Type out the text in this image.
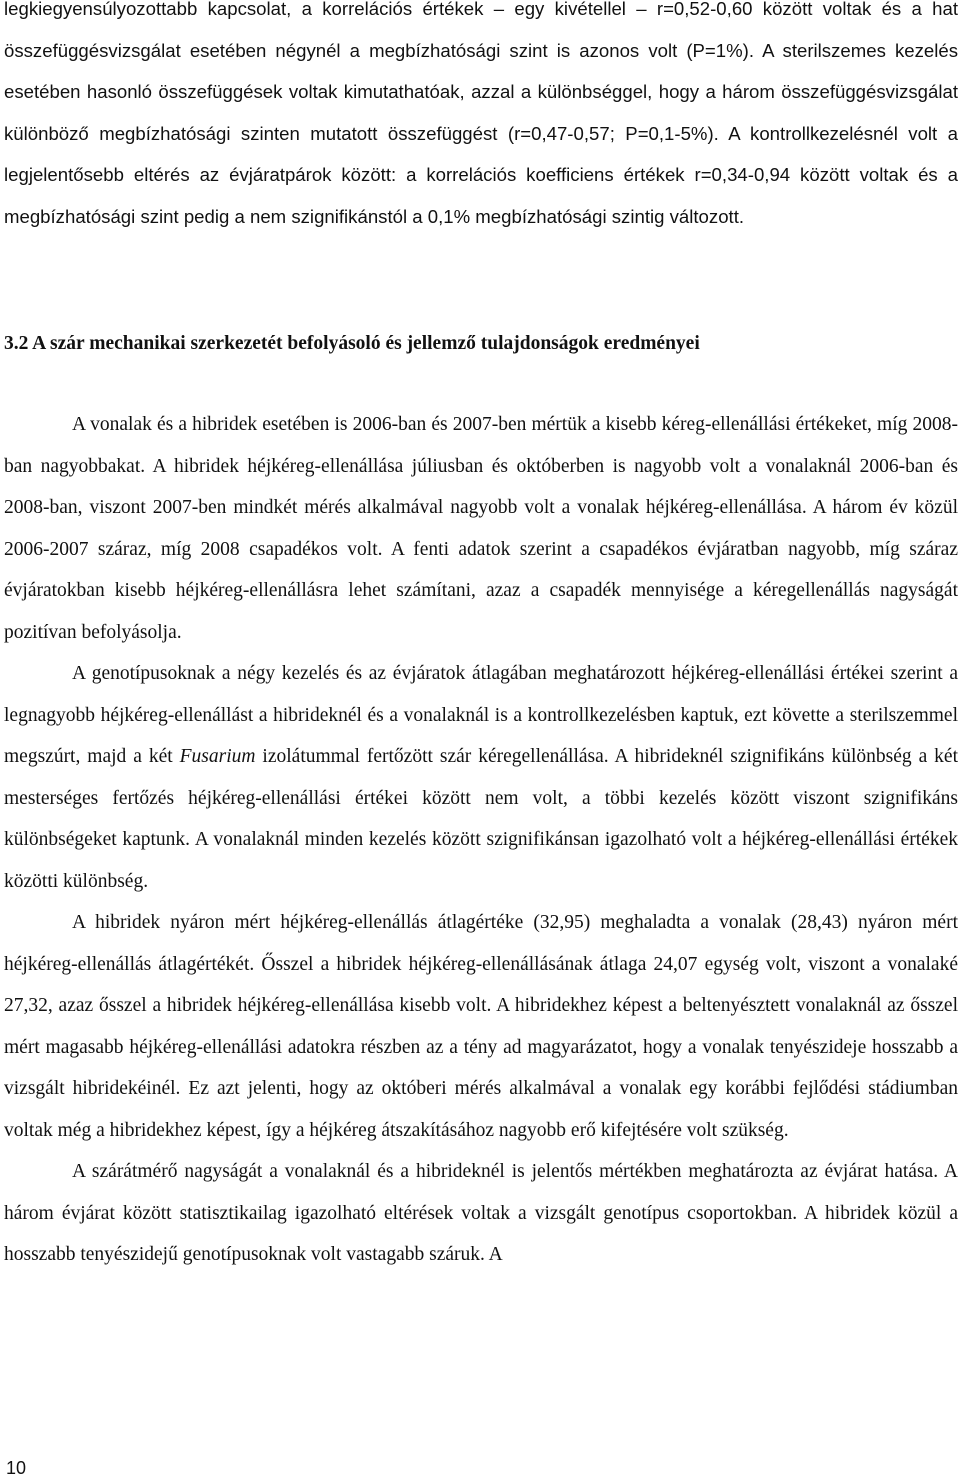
legkiegyensúlyozottabb kapcsolat, a korrelációs értékek – egy kivétellel – r=0,52-0,60 között voltak és a hat összefüggésvizsgálat esetében négynél a megbízhatósági szint is azonos volt (P=1%). A sterilszemes kezelés esetében hasonló összefüggések voltak kimutathatóak, azzal a különbséggel, hogy a három összefüggésvizsgálat különböző megbízhatósági szinten mutatott összefüggést (r=0,47-0,57; P=0,1-5%). A kontrollkezelésnél volt a legjelentősebb eltérés az évjáratpárok között: a korrelációs koefficiens értékek r=0,34-0,94 között voltak és a megbízhatósági szint pedig a nem szignifikánstól a 0,1% megbízhatósági szintig változott.

3.2 A szár mechanikai szerkezetét befolyásoló és jellemző tulajdonságok eredményei

A vonalak és a hibridek esetében is 2006-ban és 2007-ben mértük a kisebb kéreg-ellenállási értékeket, míg 2008-ban nagyobbakat. A hibridek héjkéreg-ellenállása júliusban és októberben is nagyobb volt a vonalaknál 2006-ban és 2008-ban, viszont 2007-ben mindkét mérés alkalmával nagyobb volt a vonalak héjkéreg-ellenállása. A három év közül 2006-2007 száraz, míg 2008 csapadékos volt. A fenti adatok szerint a csapadékos évjáratban nagyobb, míg száraz évjáratokban kisebb héjkéreg-ellenállásra lehet számítani, azaz a csapadék mennyisége a kéregellenállás nagyságát pozitívan befolyásolja.

A genotípusoknak a négy kezelés és az évjáratok átlagában meghatározott héjkéreg-ellenállási értékei szerint a legnagyobb héjkéreg-ellenállást a hibrideknél és a vonalaknál is a kontrollkezelésben kaptuk, ezt követte a sterilszemmel megszúrt, majd a két Fusarium izolátummal fertőzött szár kéregellenállása. A hibrideknél szignifikáns különbség a két mesterséges fertőzés héjkéreg-ellenállási értékei között nem volt, a többi kezelés között viszont szignifikáns különbségeket kaptunk. A vonalaknál minden kezelés között szignifikánsan igazolható volt a héjkéreg-ellenállási értékek közötti különbség.

A hibridek nyáron mért héjkéreg-ellenállás átlagértéke (32,95) meghaladta a vonalak (28,43) nyáron mért héjkéreg-ellenállás átlagértékét. Ősszel a hibridek héjkéreg-ellenállásának átlaga 24,07 egység volt, viszont a vonalaké 27,32, azaz ősszel a hibridek héjkéreg-ellenállása kisebb volt. A hibridekhez képest a beltenyésztett vonalaknál az ősszel mért magasabb héjkéreg-ellenállási adatokra részben az a tény ad magyarázatot, hogy a vonalak tenyészideje hosszabb a vizsgált hibridekéinél. Ez azt jelenti, hogy az októberi mérés alkalmával a vonalak egy korábbi fejlődési stádiumban voltak még a hibridekhez képest, így a héjkéreg átszakításához nagyobb erő kifejtésére volt szükség.

A szárátmérő nagyságát a vonalaknál és a hibrideknél is jelentős mértékben meghatározta az évjárat hatása. A három évjárat között statisztikailag igazolható eltérések voltak a vizsgált genotípus csoportokban. A hibridek közül a hosszabb tenyészidejű genotípusoknak volt vastagabb száruk. A

10
